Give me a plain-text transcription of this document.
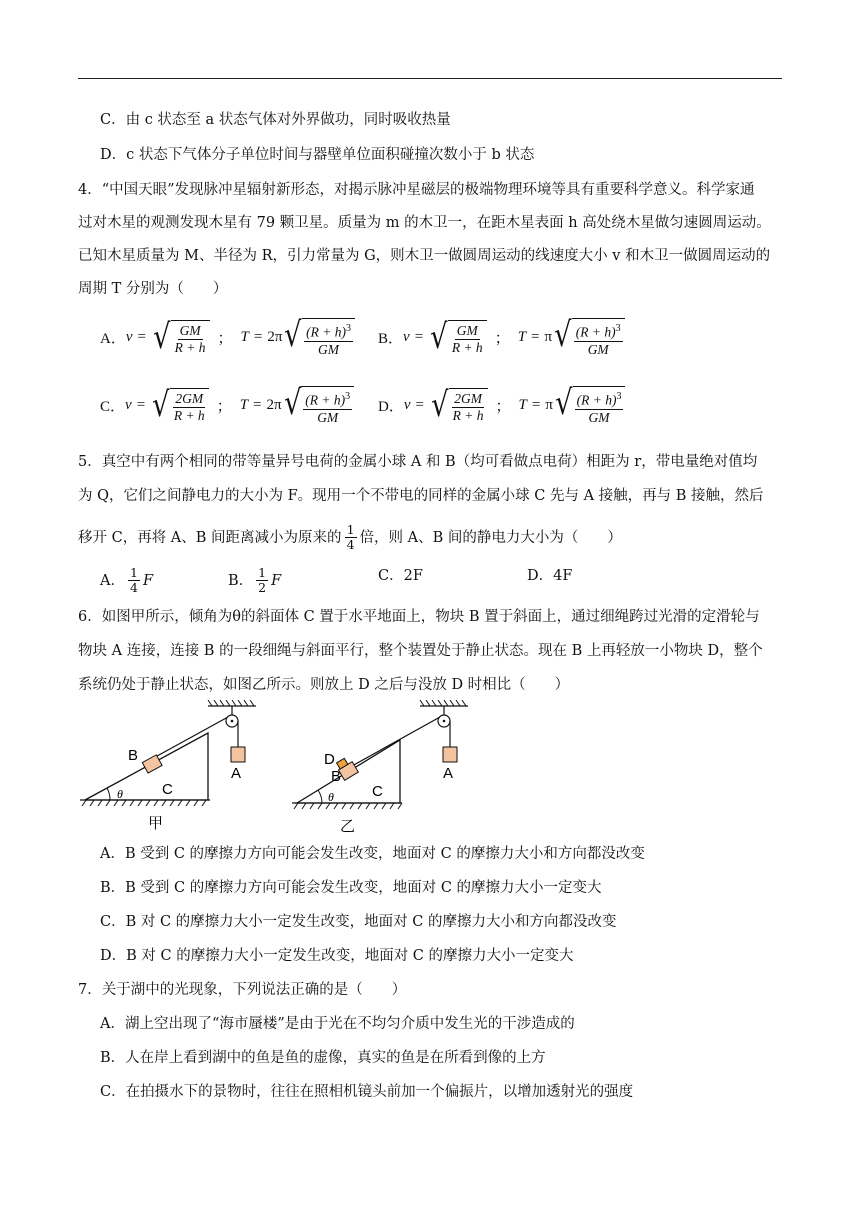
C．由 c 状态至 a 状态气体对外界做功，同时吸收热量
D．c 状态下气体分子单位时间与器壁单位面积碰撞次数小于 b 状态
4．“中国天眼”发现脉冲星辐射新形态，对揭示脉冲星磁层的极端物理环境等具有重要科学意义。科学家通
过对木星的观测发现木星有 79 颗卫星。质量为 m 的木卫一，在距木星表面 h 高处绕木星做匀速圆周运动。
已知木星质量为 M、半径为 R，引力常量为 G，则木卫一做圆周运动的线速度大小 v 和木卫一做圆周运动的
周期 T 分别为（　　）
A． v = √ $\frac{GM}{R + h}$ ； T = 2π √ $\frac{(R + h)^3}{GM}$ B． v = √ $\frac{GM}{R + h}$ ； T = π √ $\frac{(R + h)^3}{GM}$
C． v = √ $\frac{2GM}{R + h}$ ； T = 2π √ $\frac{(R + h)^3}{GM}$ D． v = √ $\frac{2GM}{R + h}$ ； T = π √ $\frac{(R + h)^3}{GM}$
5．真空中有两个相同的带等量异号电荷的金属小球 A 和 B（均可看做点电荷）相距为 r，带电量绝对值均
为 Q，它们之间静电力的大小为 F。现用一个不带电的同样的金属小球 C 先与 A 接触，再与 B 接触，然后
移开 C，再将 A、B 间距离减小为原来的 $\frac{1}{4}$ 倍，则 A、B 间的静电力大小为（　　）
A． $\frac{1}{4}$ F	B． $\frac{1}{2}$ F	C．2F	D．4F
6．如图甲所示，倾角为θ的斜面体 C 置于水平地面上，物块 B 置于斜面上，通过细绳跨过光滑的定滑轮与
物块 A 连接，连接 B 的一段细绳与斜面平行，整个装置处于静止状态。现在 B 上再轻放一小物块 D，整个
系统仍处于静止状态，如图乙所示。则放上 D 之后与没放 D 时相比（　　）
θ
B
C
A
甲
θ
D
B
C
A
乙
A．B 受到 C 的摩擦力方向可能会发生改变，地面对 C 的摩擦力大小和方向都没改变
B．B 受到 C 的摩擦力方向可能会发生改变，地面对 C 的摩擦力大小一定变大
C．B 对 C 的摩擦力大小一定发生改变，地面对 C 的摩擦力大小和方向都没改变
D．B 对 C 的摩擦力大小一定发生改变，地面对 C 的摩擦力大小一定变大
7．关于湖中的光现象，下列说法正确的是（　　）
A．湖上空出现了“海市蜃楼”是由于光在不均匀介质中发生光的干涉造成的
B．人在岸上看到湖中的鱼是鱼的虚像，真实的鱼是在所看到像的上方
C．在拍摄水下的景物时，往往在照相机镜头前加一个偏振片，以增加透射光的强度
